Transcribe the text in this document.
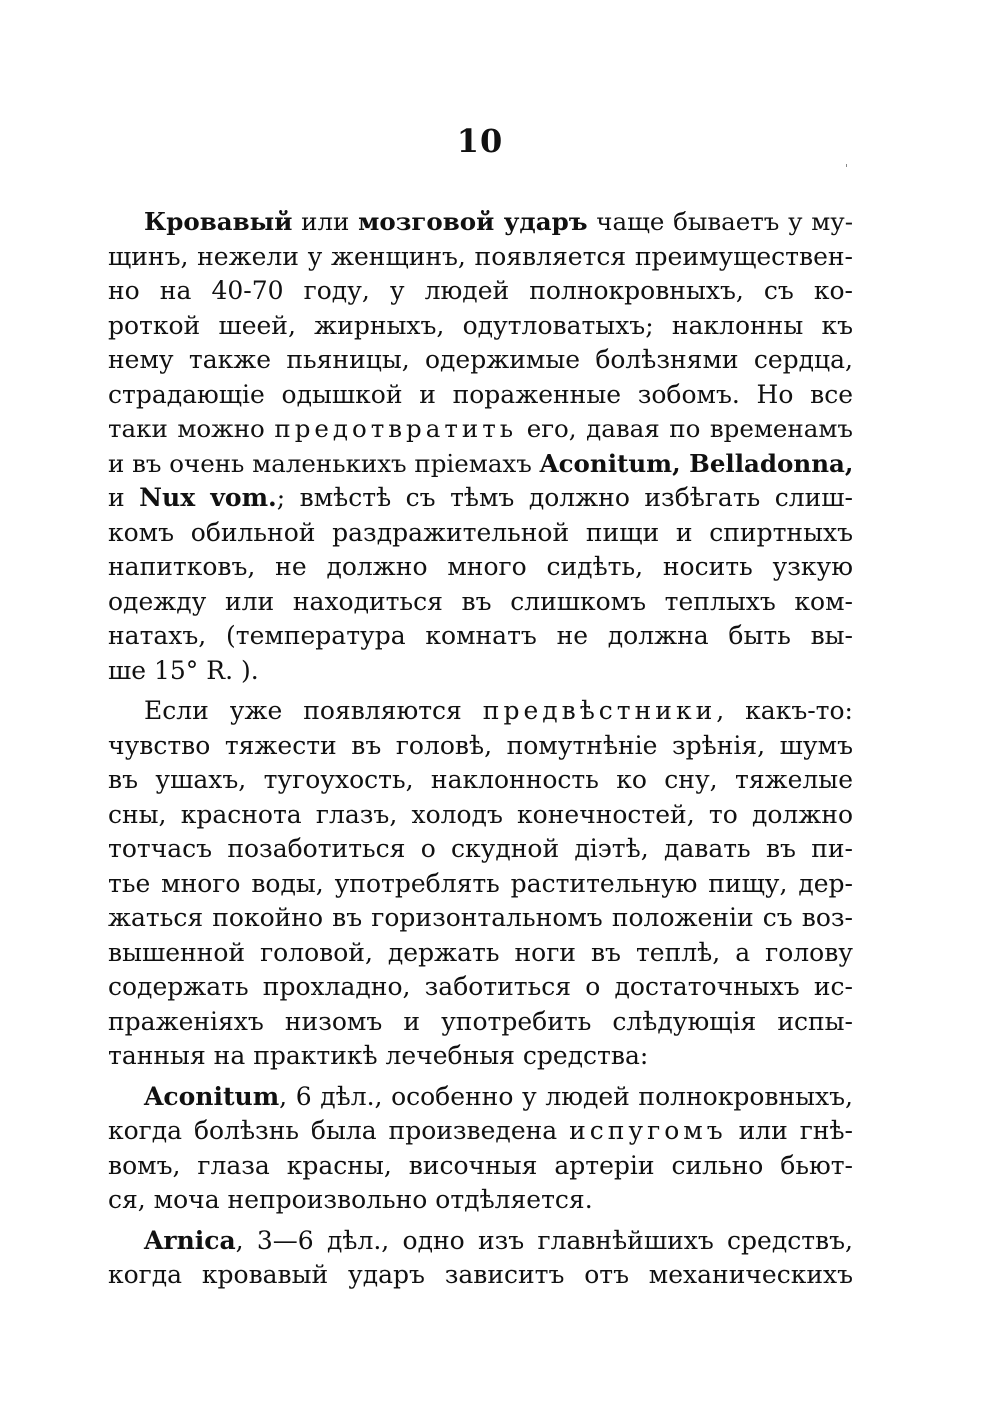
10
Кровавый или мозговой ударъ чаще бываетъ у му-
щинъ, нежели у женщинъ, появляется преимуществен-
но на 40-70 году, у людей полнокровныхъ, съ ко-
роткой шеей, жирныхъ, одутловатыхъ; наклонны къ
нему также пьяницы, одержимые болѣзнями сердца,
страдающіе одышкой и пораженные зобомъ. Но все
таки можно предотвратить его, давая по временамъ
и въ очень маленькихъ пріемахъ Aconitum, Belladonna,
и Nux vom.; вмѣстѣ съ тѣмъ должно избѣгать слиш-
комъ обильной раздражительной пищи и спиртныхъ
напитковъ, не должно много сидѣть, носить узкую
одежду или находиться въ слишкомъ теплыхъ ком-
натахъ, (температура комнатъ не должна быть вы-
ше 15° R. ).
Если уже появляются предвѣстники, какъ-то:
чувство тяжести въ головѣ, помутнѣніе зрѣнія, шумъ
въ ушахъ, тугоухость, наклонность ко сну, тяжелые
сны, краснота глазъ, холодъ конечностей, то должно
тотчасъ позаботиться о скудной діэтѣ, давать въ пи-
тье много воды, употреблять растительную пищу, дер-
жаться покойно въ горизонтальномъ положеніи съ воз-
вышенной головой, держать ноги въ теплѣ, а голову
содержать прохладно, заботиться о достаточныхъ ис-
праженіяхъ низомъ и употребить слѣдующія испы-
танныя на практикѣ лечебныя средства:
Aconitum, 6 дѣл., особенно у людей полнокровныхъ,
когда болѣзнь была произведена испугомъ или гнѣ-
вомъ, глаза красны, височныя артеріи сильно бьют-
ся, моча непроизвольно отдѣляется.
Arnica, 3—6 дѣл., одно изъ главнѣйшихъ средствъ,
когда кровавый ударъ зависитъ отъ механическихъ
